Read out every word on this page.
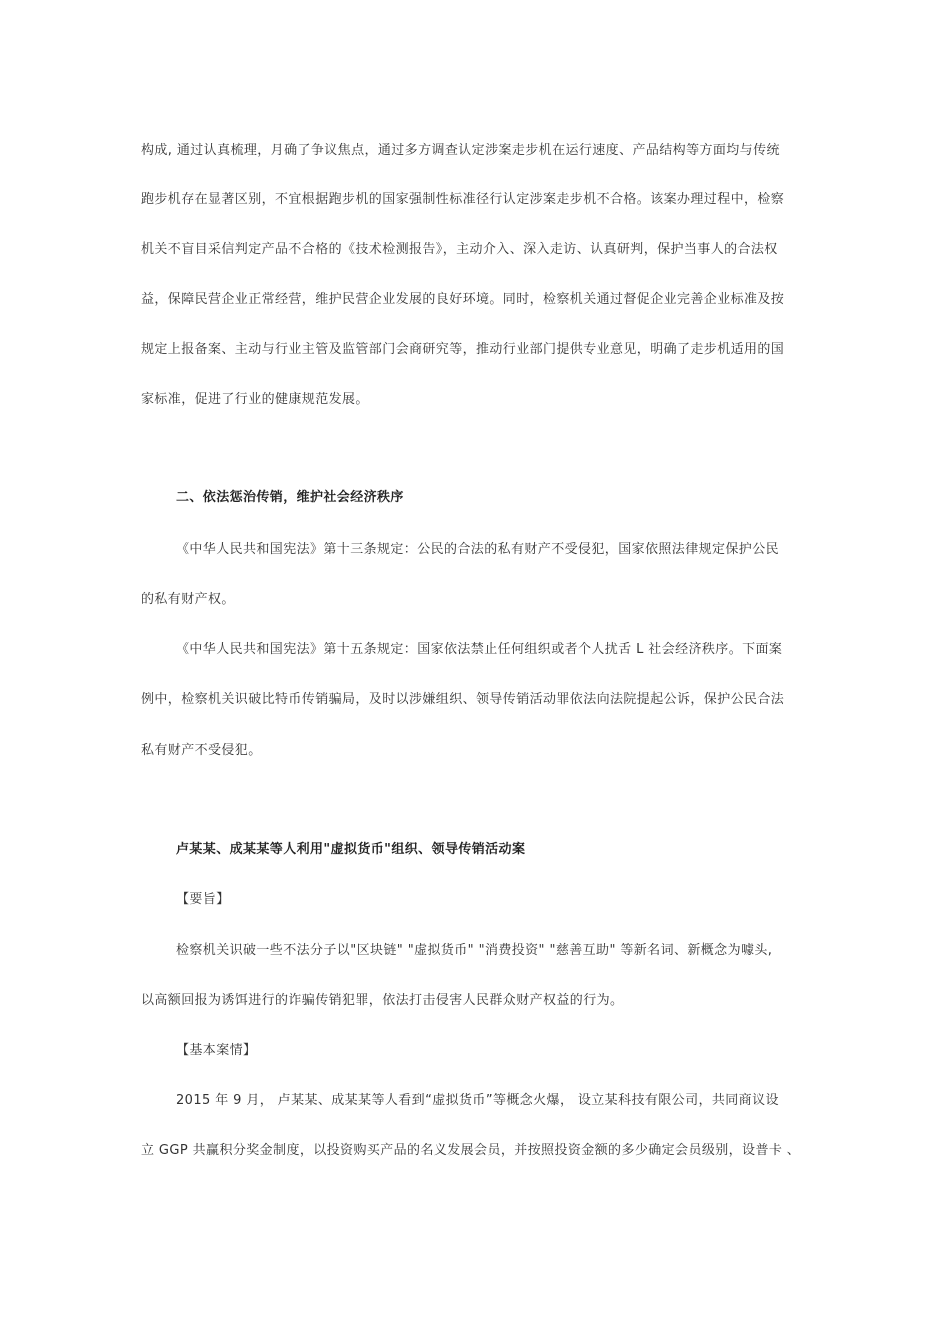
构成, 通过认真梳理，月确了争议焦点，通过多方调查认定涉案走步机在运行速度、产品结构等方面均与传统

跑步机存在显著区别，不宜根据跑步机的国家强制性标准径行认定涉案走步机不合格。该案办理过程中，检察

机关不盲目采信判定产品不合格的《技术检测报告》，主动介入、深入走访、认真研判，保护当事人的合法权

益，保障民营企业正常经营，维护民营企业发展的良好环境。同时，检察机关通过督促企业完善企业标准及按

规定上报备案、主动与行业主管及监管部门会商研究等，推动行业部门提供专业意见，明确了走步机适用的国

家标准，促进了行业的健康规范发展。

二、依法惩治传销，维护社会经济秩序

《中华人民共和国宪法》第十三条规定：公民的合法的私有财产不受侵犯，国家依照法律规定保护公民

的私有财产权。

《中华人民共和国宪法》第十五条规定：国家依法禁止任何组织或者个人扰舌 L 社会经济秩序。下面案

例中，检察机关识破比特币传销骗局，及时以涉嫌组织、领导传销活动罪依法向法院提起公诉，保护公民合法

私有财产不受侵犯。

卢某某、成某某等人利用"虚拟货币"组织、领导传销活动案

【要旨】

检察机关识破一些不法分子以"区块链" "虚拟货币" "消费投资" "慈善互助" 等新名词、新概念为噱头,

以高额回报为诱饵进行的诈骗传销犯罪，依法打击侵害人民群众财产权益的行为。

【基本案情】

2015 年 9 月， 卢某某、成某某等人看到“虚拟货币”等概念火爆， 设立某科技有限公司，共同商议设

立 GGP 共赢积分奖金制度，以投资购买产品的名义发展会员，并按照投资金额的多少确定会员级别，设普卡 、
